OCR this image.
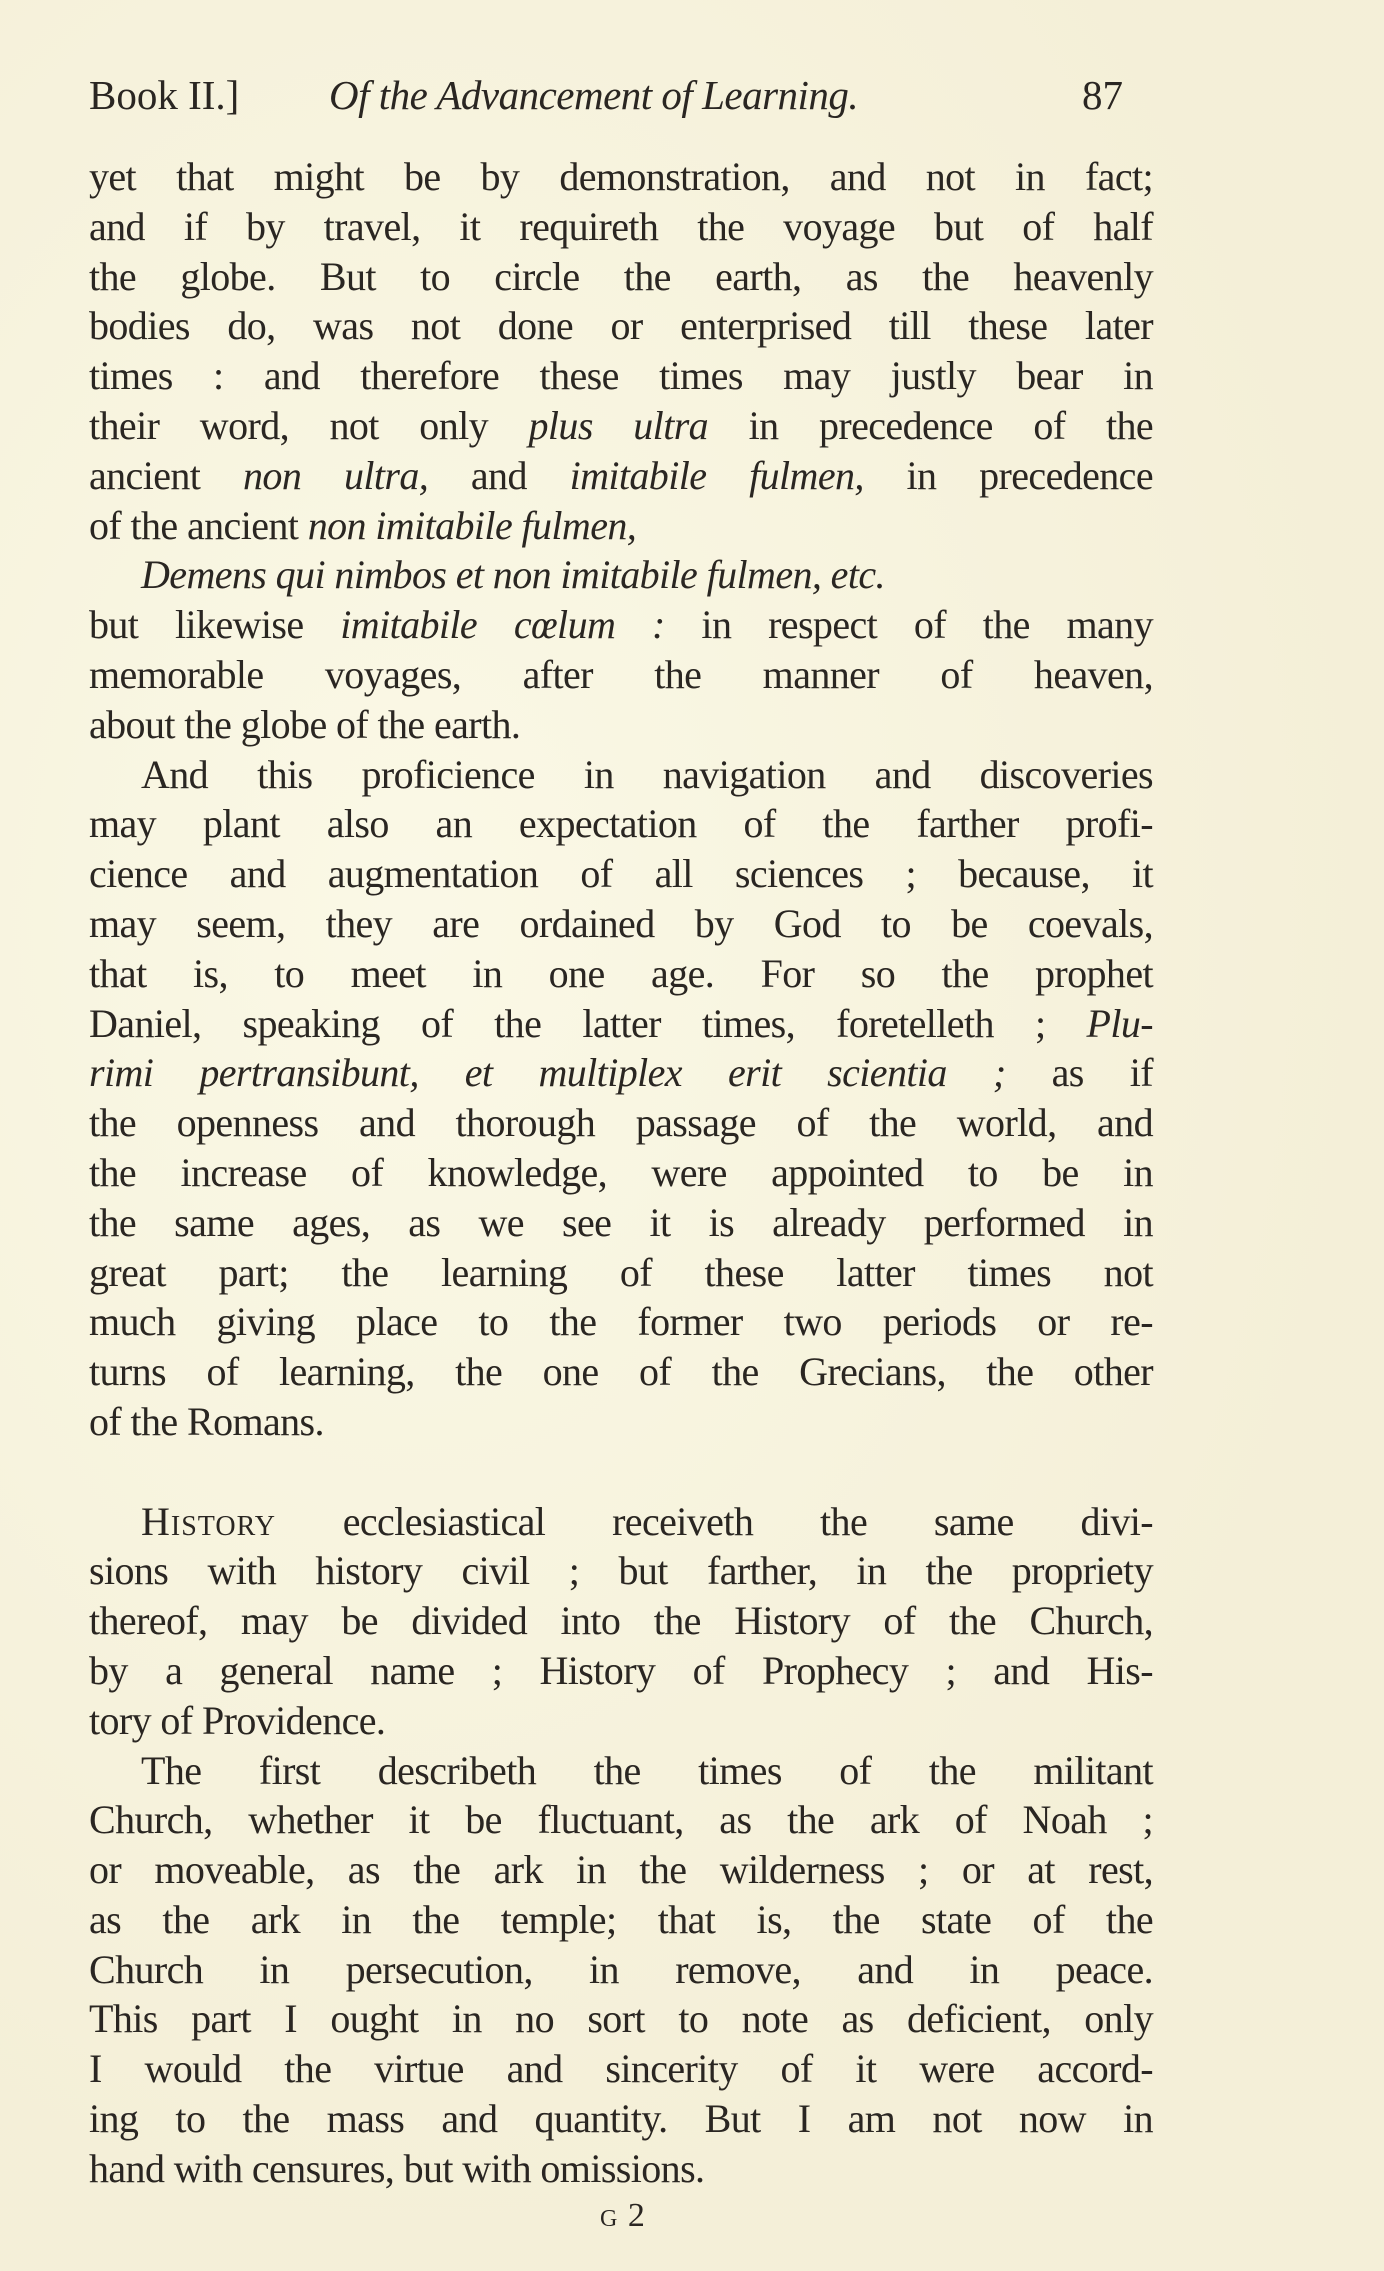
Book II.] Of the Advancement of Learning.	87
yet that might be by demonstration, and not in fact;
and if by travel, it requireth the voyage but of half
the globe. But to circle the earth, as the heavenly
bodies do, was not done or enterprised till these later
times : and therefore these times may justly bear in
their word, not only plus ultra in precedence of the
ancient non ultra, and imitabile fulmen, in precedence
of the ancient non imitabile fulmen,
Demens qui nimbos et non imitabile fulmen, etc.
but likewise imitabile cœlum : in respect of the many
memorable voyages, after the manner of heaven,
about the globe of the earth.
And this proficience in navigation and discoveries
may plant also an expectation of the farther profi-
cience and augmentation of all sciences ; because, it
may seem, they are ordained by God to be coevals,
that is, to meet in one age. For so the prophet
Daniel, speaking of the latter times, foretelleth ; Plu-
rimi pertransibunt, et multiplex erit scientia ; as if
the openness and thorough passage of the world, and
the increase of knowledge, were appointed to be in
the same ages, as we see it is already performed in
great part; the learning of these latter times not
much giving place to the former two periods or re-
turns of learning, the one of the Grecians, the other
of the Romans.
History ecclesiastical receiveth the same divi-
sions with history civil ; but farther, in the propriety
thereof, may be divided into the History of the Church,
by a general name ; History of Prophecy ; and His-
tory of Providence.
The first describeth the times of the militant
Church, whether it be fluctuant, as the ark of Noah ;
or moveable, as the ark in the wilderness ; or at rest,
as the ark in the temple; that is, the state of the
Church in persecution, in remove, and in peace.
This part I ought in no sort to note as deficient, only
I would the virtue and sincerity of it were accord-
ing to the mass and quantity. But I am not now in
hand with censures, but with omissions.
G 2
